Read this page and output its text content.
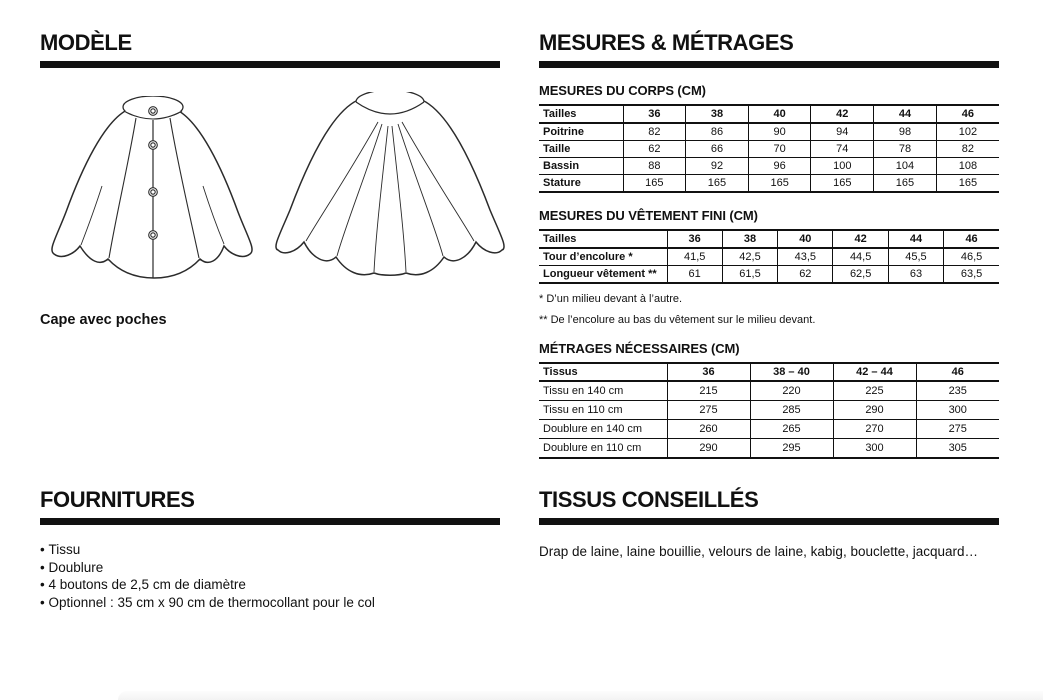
MODÈLE
Cape avec poches
MESURES & MÉTRAGES
MESURES DU CORPS (CM)
Tailles	36	38	40	42	44	46
Poitrine	82	86	90	94	98	102
Taille	62	66	70	74	78	82
Bassin	88	92	96	100	104	108
Stature	165	165	165	165	165	165
MESURES DU VÊTEMENT FINI (CM)
Tailles	36	38	40	42	44	46
Tour d’encolure *	41,5	42,5	43,5	44,5	45,5	46,5
Longueur vêtement **	61	61,5	62	62,5	63	63,5

* D’un milieu devant à l’autre.

** De l’encolure au bas du vêtement sur le milieu devant.

MÉTRAGES NÉCESSAIRES (CM)
Tissus	36	38 – 40	42 – 44	46
Tissu en 140 cm	215	220	225	235
Tissu en 110 cm	275	285	290	300
Doublure en 140 cm	260	265	270	275
Doublure en 110 cm	290	295	300	305
FOURNITURES
• Tissu
• Doublure
• 4 boutons de 2,5 cm de diamètre
• Optionnel : 35 cm x 90 cm de thermocollant pour le col
TISSUS CONSEILLÉS

Drap de laine, laine bouillie, velours de laine, kabig, bouclette, jacquard…
